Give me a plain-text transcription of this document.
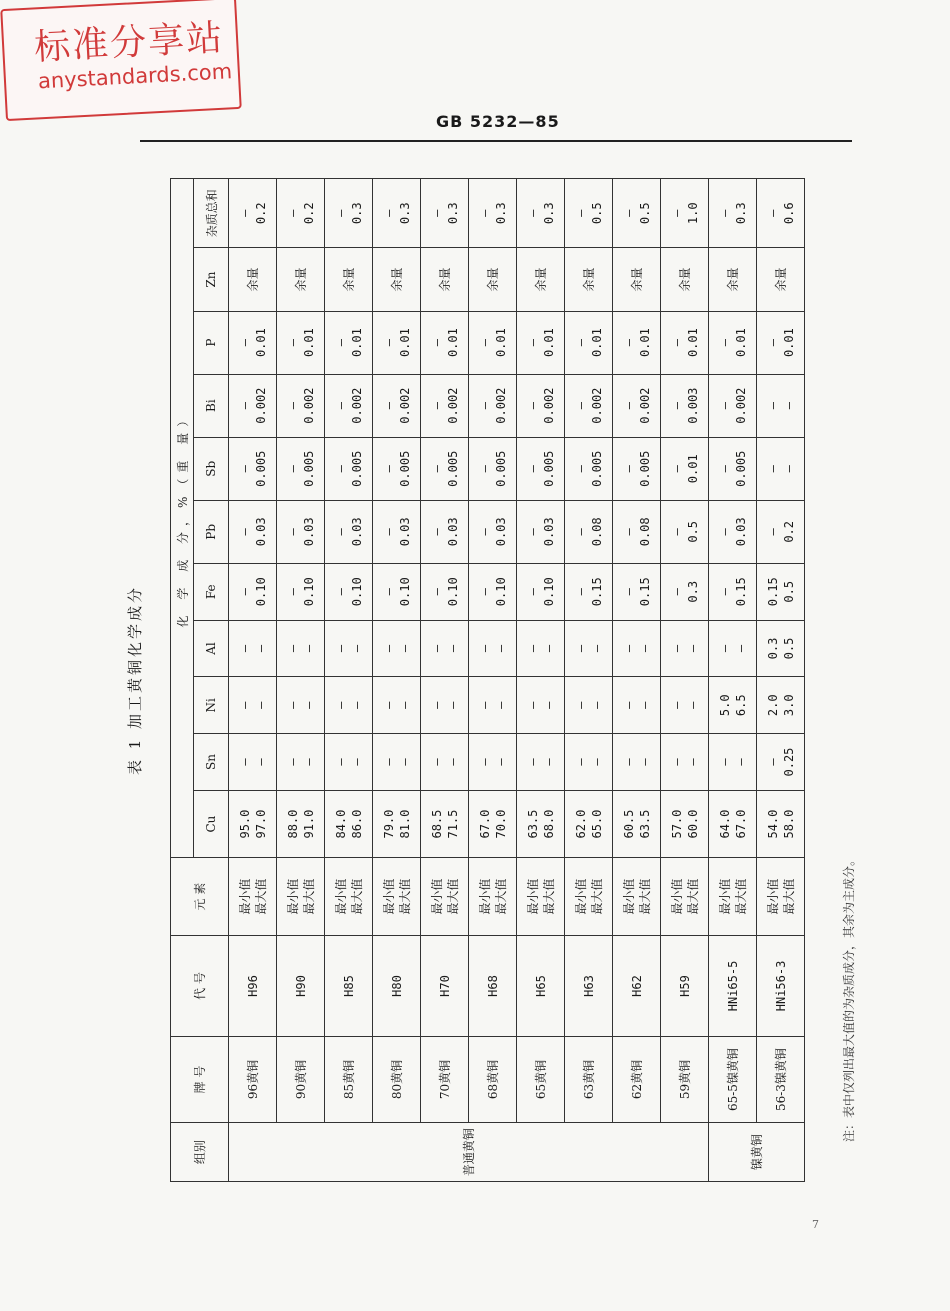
标准分享站
anystandards.com
GB 5232—85
表 1 加工黄铜化学成分
组别	牌 号	代 号	元 素	化 学 成 分，%（重 量）										
				Cu	Sn	Ni	Al	Fe	Pb	Sb	Bi	P	Zn	杂质总和
普通黄铜	96黄铜	H96	最小值 最大值	95.0 97.0	— —	— —	— —	— 0.10	— 0.03	— 0.005	— 0.002	— 0.01	余量	— 0.2

	90黄铜	H90	最小值 最大值	88.0 91.0	— —	— —	— —	— 0.10	— 0.03	— 0.005	— 0.002	— 0.01	余量	— 0.2

	85黄铜	H85	最小值 最大值	84.0 86.0	— —	— —	— —	— 0.10	— 0.03	— 0.005	— 0.002	— 0.01	余量	— 0.3

	80黄铜	H80	最小值 最大值	79.0 81.0	— —	— —	— —	— 0.10	— 0.03	— 0.005	— 0.002	— 0.01	余量	— 0.3

	70黄铜	H70	最小值 最大值	68.5 71.5	— —	— —	— —	— 0.10	— 0.03	— 0.005	— 0.002	— 0.01	余量	— 0.3

	68黄铜	H68	最小值 最大值	67.0 70.0	— —	— —	— —	— 0.10	— 0.03	— 0.005	— 0.002	— 0.01	余量	— 0.3

	65黄铜	H65	最小值 最大值	63.5 68.0	— —	— —	— —	— 0.10	— 0.03	— 0.005	— 0.002	— 0.01	余量	— 0.3

	63黄铜	H63	最小值 最大值	62.0 65.0	— —	— —	— —	— 0.15	— 0.08	— 0.005	— 0.002	— 0.01	余量	— 0.5

	62黄铜	H62	最小值 最大值	60.5 63.5	— —	— —	— —	— 0.15	— 0.08	— 0.005	— 0.002	— 0.01	余量	— 0.5

	59黄铜	H59	最小值 最大值	57.0 60.0	— —	— —	— —	— 0.3	— 0.5	— 0.01	— 0.003	— 0.01	余量	— 1.0

镍黄铜	65-5镍黄铜	HNi65-5	最小值 最大值	64.0 67.0	— —	5.0 6.5	— —	— 0.15	— 0.03	— 0.005	— 0.002	— 0.01	余量	— 0.3

	56-3镍黄铜	HNi56-3	最小值 最大值	54.0 58.0	— 0.25	2.0 3.0	0.3 0.5	0.15 0.5	— 0.2	— —	— —	— 0.01	余量	— 0.6
注：表中仅列出最大值的为杂质成分，其余为主成分。
7
